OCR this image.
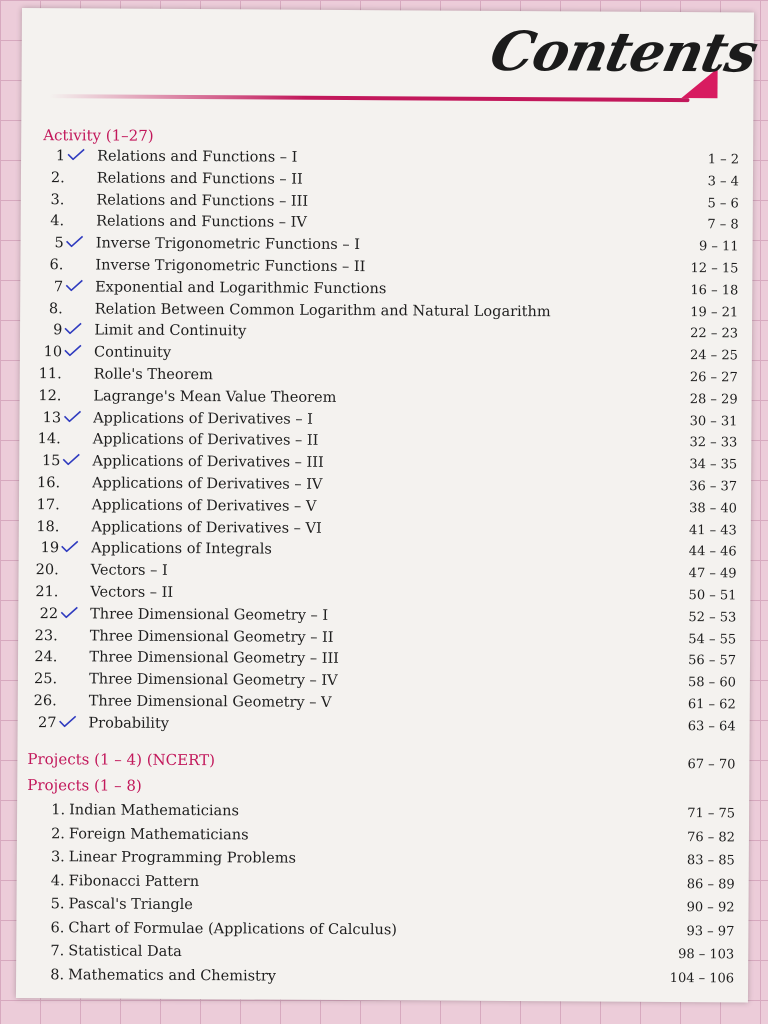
Contents
Activity (1–27)
1 Relations and Functions – I	1 – 2
2. Relations and Functions – II	3 – 4
3. Relations and Functions – III	5 – 6
4. Relations and Functions – IV	7 – 8
5 Inverse Trigonometric Functions – I	9 – 11
6. Inverse Trigonometric Functions – II	12 – 15
7 Exponential and Logarithmic Functions	16 – 18
8. Relation Between Common Logarithm and Natural Logarithm	19 – 21
9 Limit and Continuity	22 – 23
10 Continuity	24 – 25
11. Rolle's Theorem	26 – 27
12. Lagrange's Mean Value Theorem	28 – 29
13 Applications of Derivatives – I	30 – 31
14. Applications of Derivatives – II	32 – 33
15 Applications of Derivatives – III	34 – 35
16. Applications of Derivatives – IV	36 – 37
17. Applications of Derivatives – V	38 – 40
18. Applications of Derivatives – VI	41 – 43
19 Applications of Integrals	44 – 46
20. Vectors – I	47 – 49
21. Vectors – II	50 – 51
22 Three Dimensional Geometry – I	52 – 53
23. Three Dimensional Geometry – II	54 – 55
24. Three Dimensional Geometry – III	56 – 57
25. Three Dimensional Geometry – IV	58 – 60
26. Three Dimensional Geometry – V	61 – 62
27 Probability	63 – 64
Projects (1 – 4) (NCERT)	67 – 70
Projects (1 – 8)
1. Indian Mathematicians	71 – 75
2. Foreign Mathematicians	76 – 82
3. Linear Programming Problems	83 – 85
4. Fibonacci Pattern	86 – 89
5. Pascal's Triangle	90 – 92
6. Chart of Formulae (Applications of Calculus)	93 – 97
7. Statistical Data	98 – 103
8. Mathematics and Chemistry	104 – 106
